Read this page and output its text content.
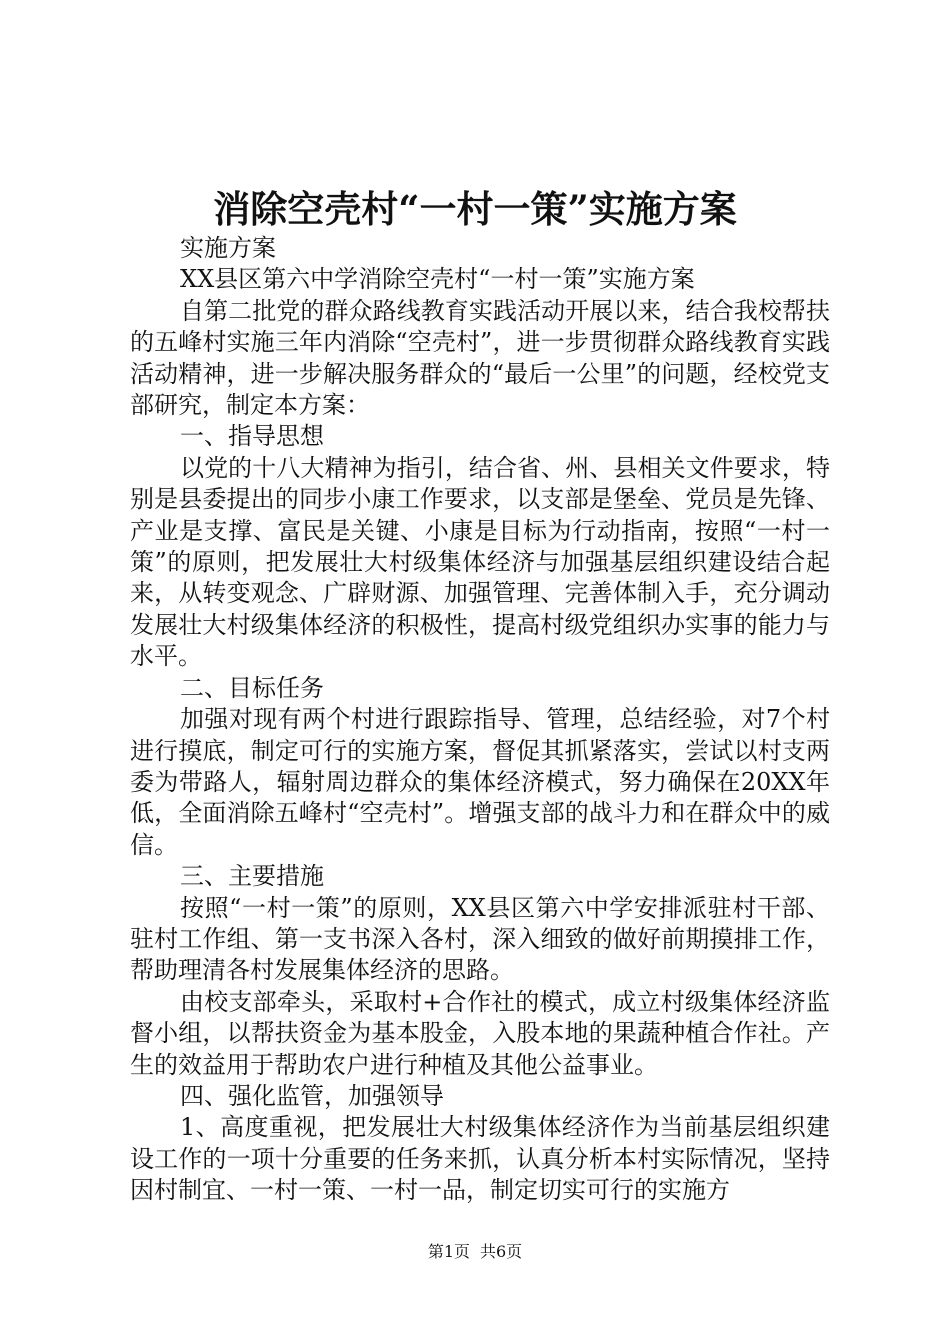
消除空壳村“一村一策”实施方案

实施方案

XX县区第六中学消除空壳村“一村一策”实施方案

自第二批党的群众路线教育实践活动开展以来，结合我校帮扶的五峰村实施三年内消除“空壳村”，进一步贯彻群众路线教育实践活动精神，进一步解决服务群众的“最后一公里”的问题，经校党支部研究，制定本方案：

一、指导思想

以党的十八大精神为指引，结合省、州、县相关文件要求，特别是县委提出的同步小康工作要求，以支部是堡垒、党员是先锋、产业是支撑、富民是关键、小康是目标为行动指南，按照“一村一策”的原则，把发展壮大村级集体经济与加强基层组织建设结合起来，从转变观念、广辟财源、加强管理、完善体制入手，充分调动发展壮大村级集体经济的积极性，提高村级党组织办实事的能力与水平。

二、目标任务

加强对现有两个村进行跟踪指导、管理，总结经验，对7个村进行摸底，制定可行的实施方案，督促其抓紧落实，尝试以村支两委为带路人，辐射周边群众的集体经济模式，努力确保在20XX年低，全面消除五峰村“空壳村”。增强支部的战斗力和在群众中的威信。

三、主要措施

按照“一村一策”的原则，XX县区第六中学安排派驻村干部、驻村工作组、第一支书深入各村，深入细致的做好前期摸排工作，帮助理清各村发展集体经济的思路。

由校支部牵头，采取村+合作社的模式，成立村级集体经济监督小组，以帮扶资金为基本股金，入股本地的果蔬种植合作社。产生的效益用于帮助农户进行种植及其他公益事业。

四、强化监管，加强领导

1、高度重视，把发展壮大村级集体经济作为当前基层组织建设工作的一项十分重要的任务来抓，认真分析本村实际情况，坚持因村制宜、一村一策、一村一品，制定切实可行的实施方

第1页 共6页
